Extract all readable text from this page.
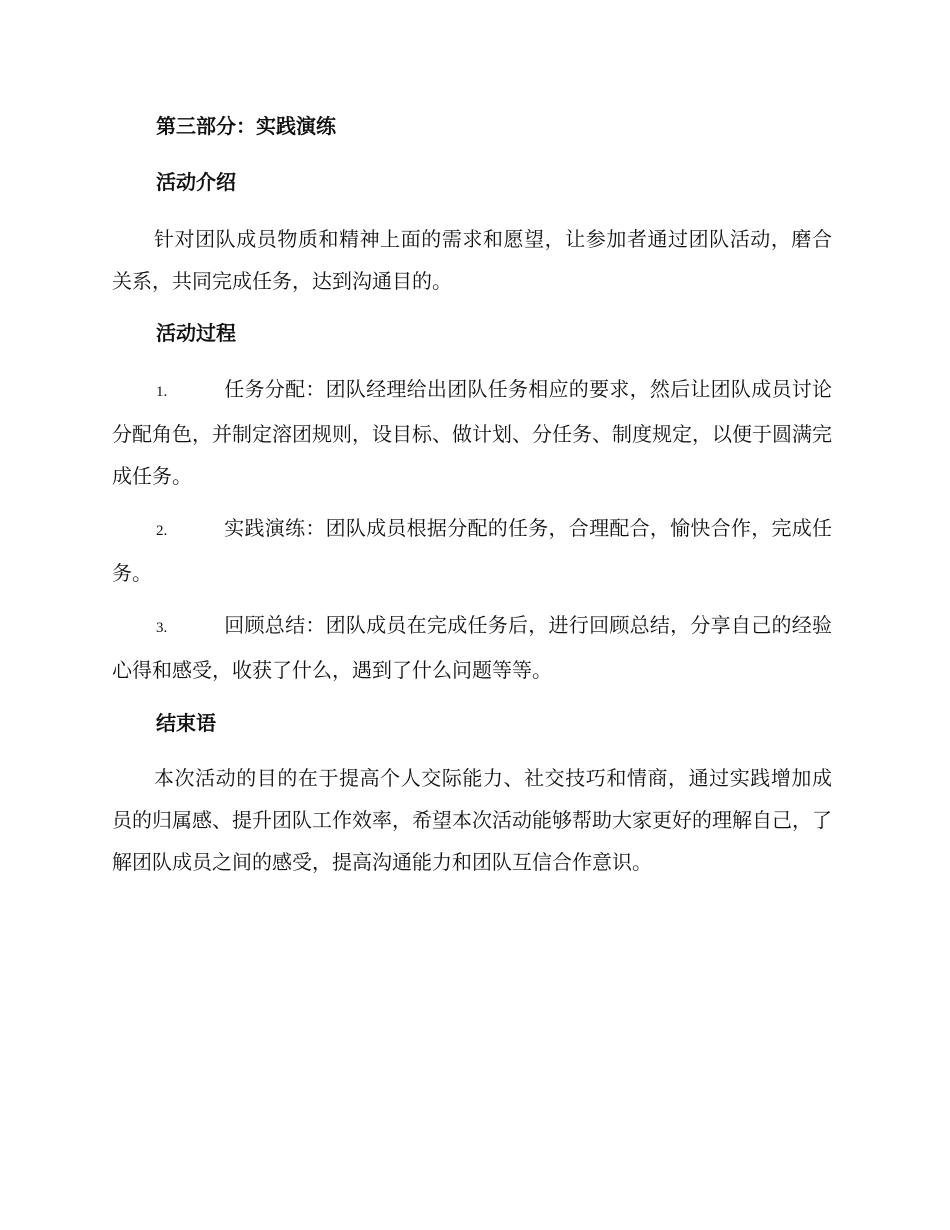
第三部分：实践演练
活动介绍

针对团队成员物质和精神上面的需求和愿望，让参加者通过团队活动，磨合关系，共同完成任务，达到沟通目的。

活动过程

1.	任务分配：团队经理给出团队任务相应的要求，然后让团队成员讨论分配角色，并制定溶团规则，设目标、做计划、分任务、制度规定，以便于圆满完成任务。

2.	实践演练：团队成员根据分配的任务，合理配合，愉快合作，完成任务。

3.	回顾总结：团队成员在完成任务后，进行回顾总结，分享自己的经验心得和感受，收获了什么，遇到了什么问题等等。

结束语

本次活动的目的在于提高个人交际能力、社交技巧和情商，通过实践增加成员的归属感、提升团队工作效率，希望本次活动能够帮助大家更好的理解自己，了解团队成员之间的感受，提高沟通能力和团队互信合作意识。
